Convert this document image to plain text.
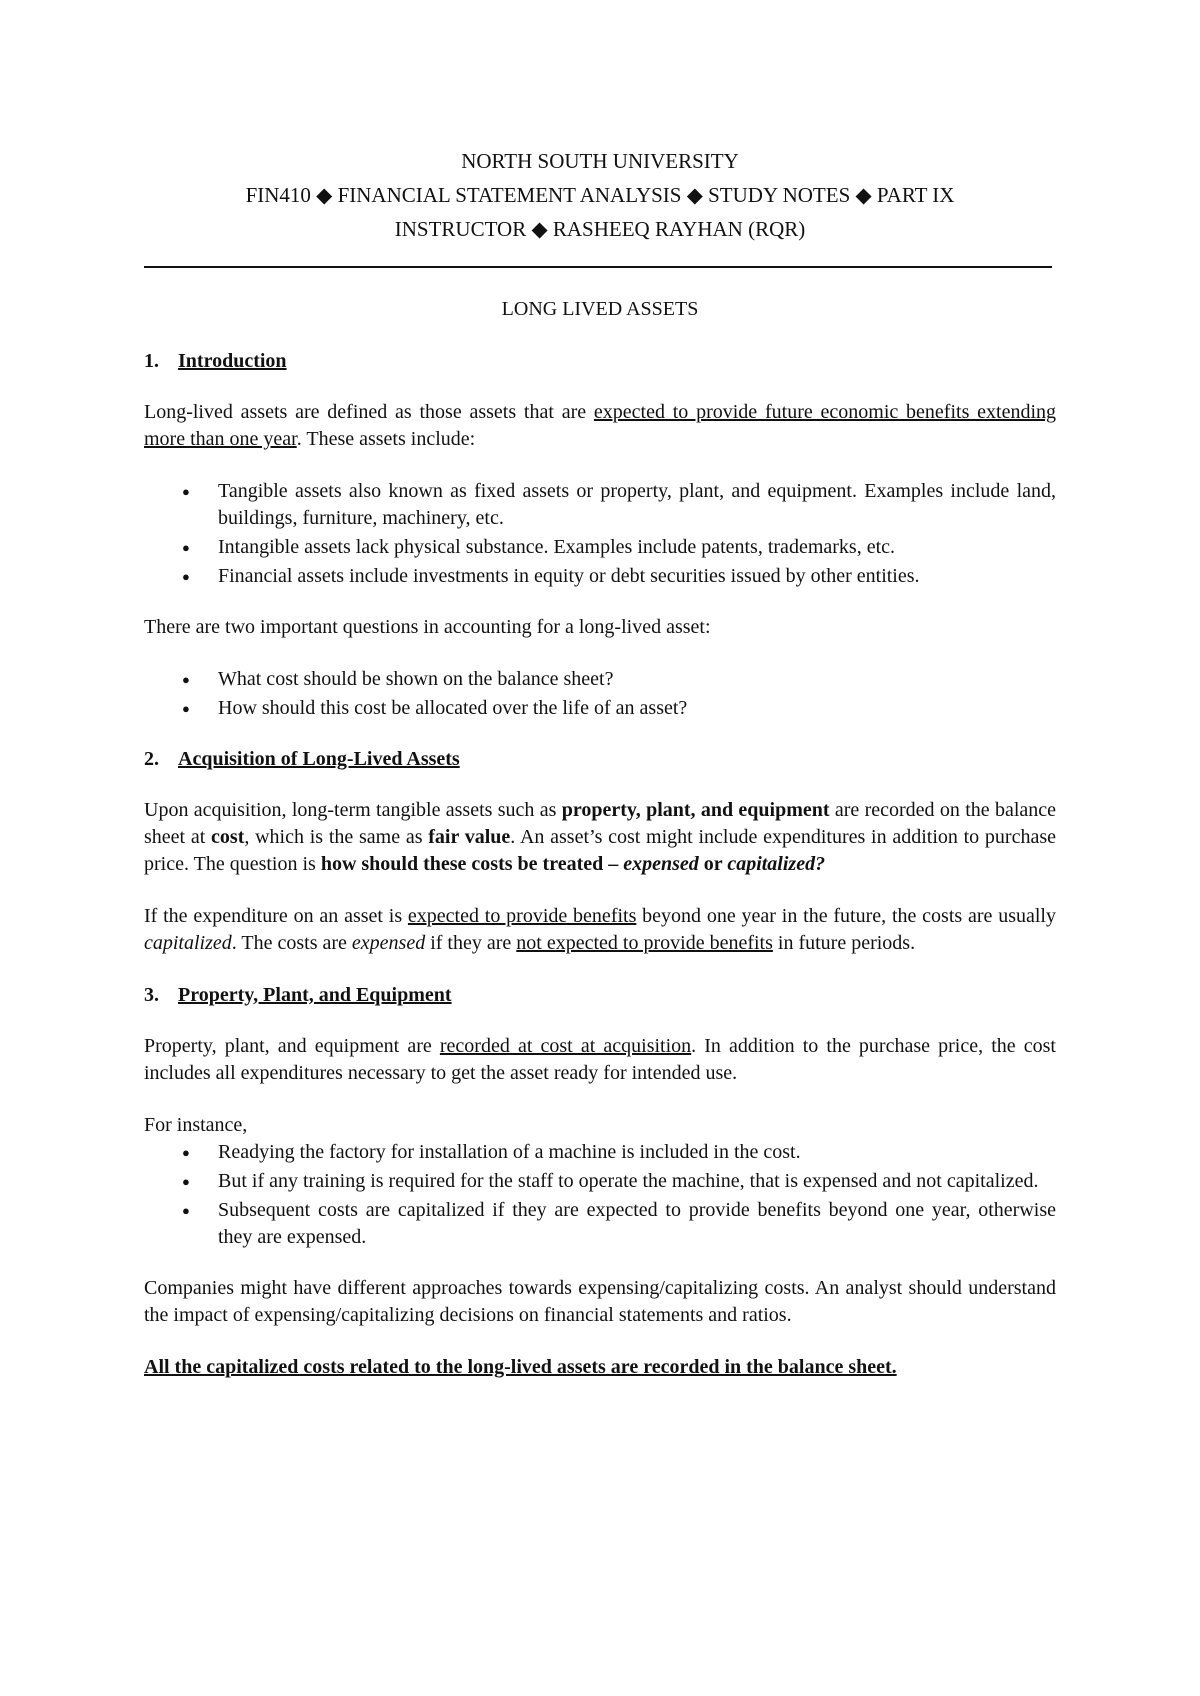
NORTH SOUTH UNIVERSITY
FIN410 ◆ FINANCIAL STATEMENT ANALYSIS ◆ STUDY NOTES ◆ PART IX
INSTRUCTOR ◆ RASHEEQ RAYHAN (RQR)
LONG LIVED ASSETS
1. Introduction

Long-lived assets are defined as those assets that are expected to provide future economic benefits extending more than one year. These assets include:

● Tangible assets also known as fixed assets or property, plant, and equipment. Examples include land, buildings, furniture, machinery, etc.
● Intangible assets lack physical substance. Examples include patents, trademarks, etc.
● Financial assets include investments in equity or debt securities issued by other entities.

There are two important questions in accounting for a long-lived asset:

● What cost should be shown on the balance sheet?
● How should this cost be allocated over the life of an asset?
2. Acquisition of Long-Lived Assets

Upon acquisition, long-term tangible assets such as property, plant, and equipment are recorded on the balance sheet at cost, which is the same as fair value. An asset’s cost might include expenditures in addition to purchase price. The question is how should these costs be treated – expensed or capitalized?

If the expenditure on an asset is expected to provide benefits beyond one year in the future, the costs are usually capitalized. The costs are expensed if they are not expected to provide benefits in future periods.

3. Property, Plant, and Equipment

Property, plant, and equipment are recorded at cost at acquisition. In addition to the purchase price, the cost includes all expenditures necessary to get the asset ready for intended use.

For instance,

● Readying the factory for installation of a machine is included in the cost.
● But if any training is required for the staff to operate the machine, that is expensed and not capitalized.
● Subsequent costs are capitalized if they are expected to provide benefits beyond one year, otherwise they are expensed.

Companies might have different approaches towards expensing/capitalizing costs. An analyst should understand the impact of expensing/capitalizing decisions on financial statements and ratios.

All the capitalized costs related to the long-lived assets are recorded in the balance sheet.
